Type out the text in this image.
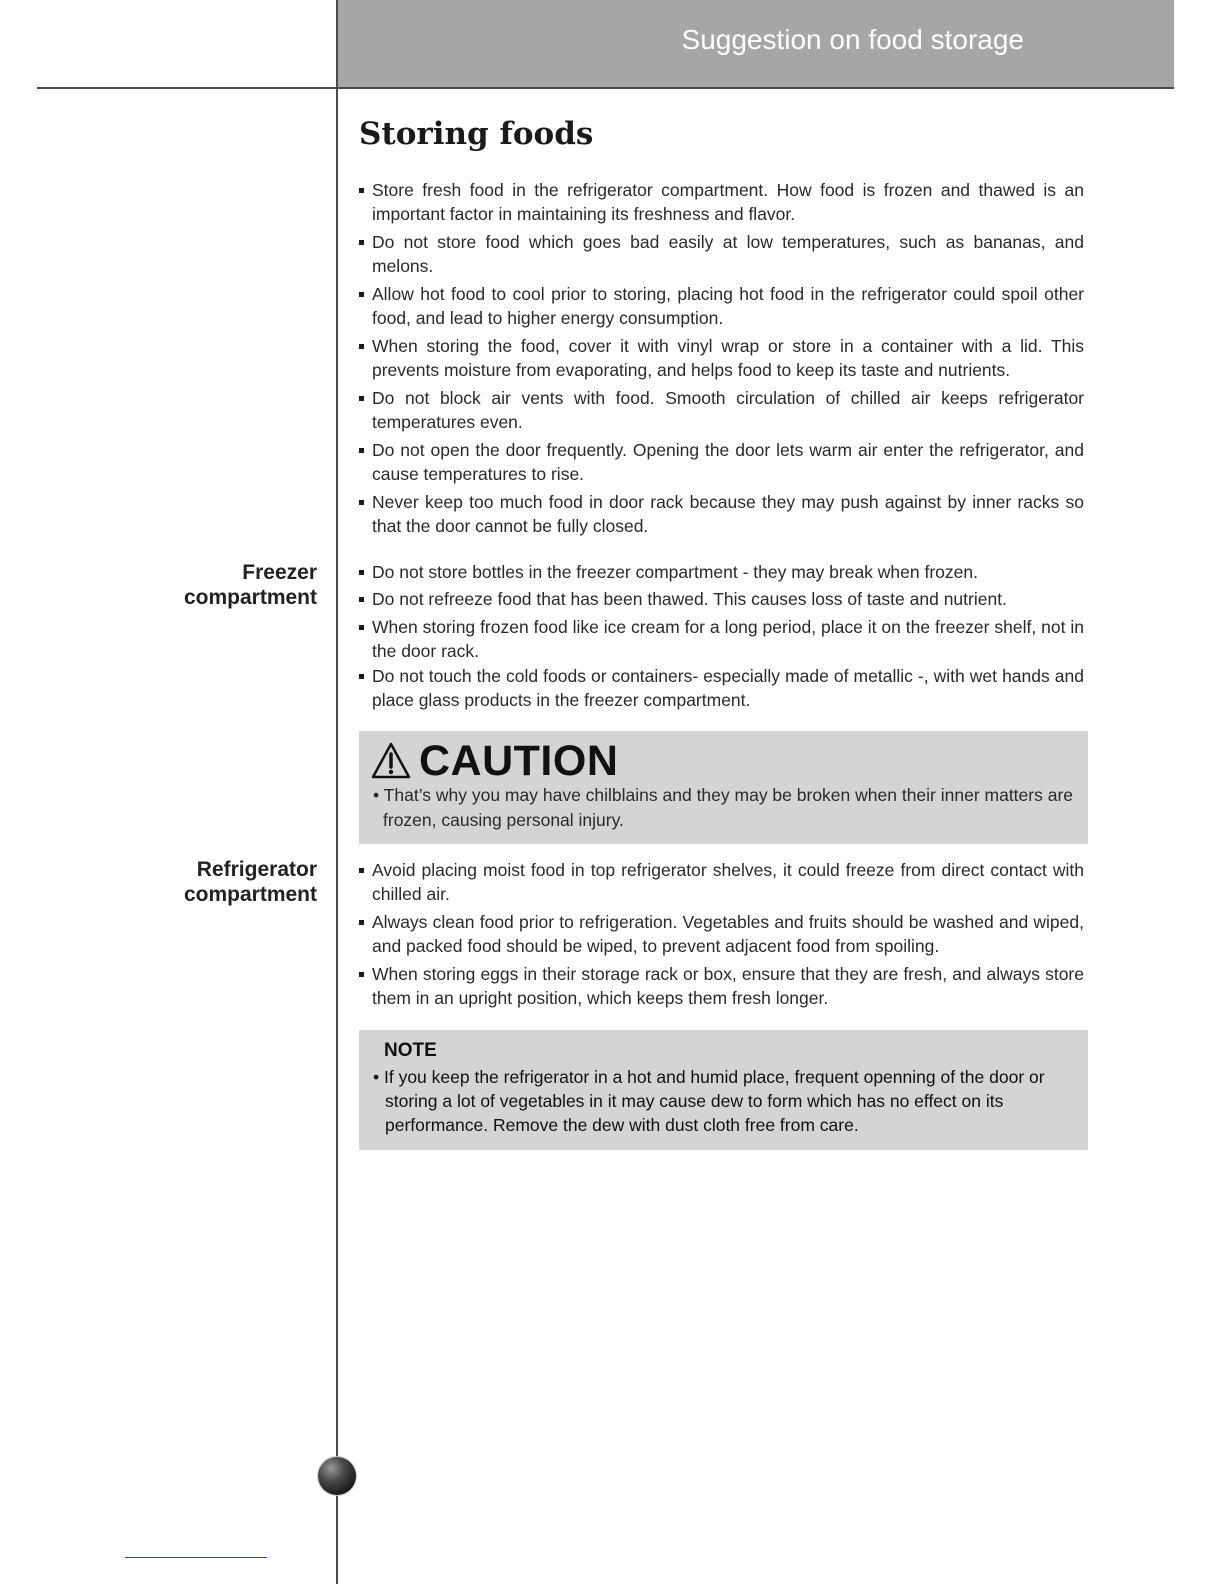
Suggestion on food storage
Storing foods
Store fresh food in the refrigerator compartment. How food is frozen and thawed is an important factor in maintaining its freshness and flavor.
Do not store food which goes bad easily at low temperatures, such as bananas, and melons.
Allow hot food to cool prior to storing, placing hot food in the refrigerator could spoil other food, and lead to higher energy consumption.
When storing the food, cover it with vinyl wrap or store in a container with a lid. This prevents moisture from evaporating, and helps food to keep its taste and nutrients.
Do not block air vents with food. Smooth circulation of chilled air keeps refrigerator temperatures even.
Do not open the door frequently. Opening the door lets warm air enter the refrigerator, and cause temperatures to rise.
Never keep too much food in door rack because they may push against by inner racks so that the door cannot be fully closed.
Freezer
compartment
Do not store bottles in the freezer compartment - they may break when frozen.
Do not refreeze food that has been thawed. This causes loss of taste and nutrient.
When storing frozen food like ice cream for a long period, place it on the freezer shelf, not in the door rack.
Do not touch the cold foods or containers- especially made of metallic -, with wet hands and place glass products in the freezer compartment.
CAUTION
• That’s why you may have chilblains and they may be broken when their inner matters are frozen, causing personal injury.
Refrigerator
compartment
Avoid placing moist food in top refrigerator shelves, it could freeze from direct contact with chilled air.
Always clean food prior to refrigeration. Vegetables and fruits should be washed and wiped, and packed food should be wiped, to prevent adjacent food from spoiling.
When storing eggs in their storage rack or box, ensure that they are fresh, and always store them in an upright position, which keeps them fresh longer.
NOTE
• If you keep the refrigerator in a hot and humid place, frequent openning of the door or storing a lot of vegetables in it may cause dew to form which has no effect on its performance. Remove the dew with dust cloth free from care.
